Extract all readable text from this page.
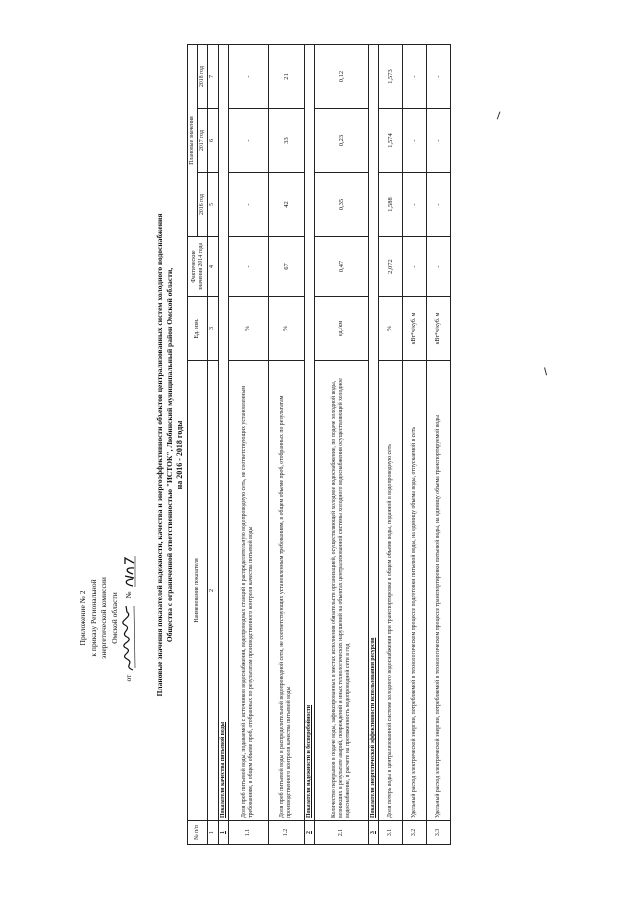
Приложение № 2 к приказу Региональной энергетической комиссии Омской области
от
№	Плановые значения показателей надежности, качества и энергоэффективности объектов централизованных систем холодного водоснабжения Общества с ограниченной ответственностью "ИСТОК", Любинский муниципальный район Омской области, на 2016 - 2018 годы
№ п/п	Наименование показателя	Ед. изм.	Фактические значения 2014 года	Плановые значения		
				2016 год	2017 год	2018 год
1	2	3	4	5	6	7
1	Показатели качества питьевой воды					
1.1	Доля проб питьевой воды, подаваемой с источников водоснабжения, водопроводных станций в распределительную водопроводную сеть, не соответствующих установленным требованиям, в общем объеме проб, отобранных по результатам производственного контроля качества питьевой воды	%	-	-	-	-
1.2	Доля проб питьевой воды в распределительной водопроводной сети, не соответствующих установленным требованиям, в общем объеме проб, отобранных по результатам производственного контроля качества питьевой воды	%	67	42	33	21
2	Показатели надежности и бесперебойности					
2.1	Количество перерывов в подаче воды, зафиксированных в местах исполнения обязательств организацией, осуществляющей холодное водоснабжение, по подаче холодной воды, возникших в результате аварий, повреждений и иных технологических нарушений на объектах централизованной системы холодного водоснабжения осуществляющей холодное водоснабжение, в расчете на протяженность водопроводной сети в год	ед./км	0,47	0,35	0,23	0,12
3	Показатели энергетической эффективности использования ресурсов					
3.1	Доля потерь воды в централизованной системе холодного водоснабжения при транспортировке в общем объеме воды, поданной в водопроводную сеть	%	2,072	1,588	1,574	1,573
3.2	Удельный расход электрической энергии, потребляемой в технологическом процессе подготовки питьевой воды, на единицу объема воды, отпускаемой в сеть	кВт*ч/куб. м	-	-	-	-
3.3	Удельный расход электрической энергии, потребляемой в технологическом процессе транспортировки питьевой воды, на единицу объема транспортируемой воды	кВт*ч/куб. м	-	-	-	-
